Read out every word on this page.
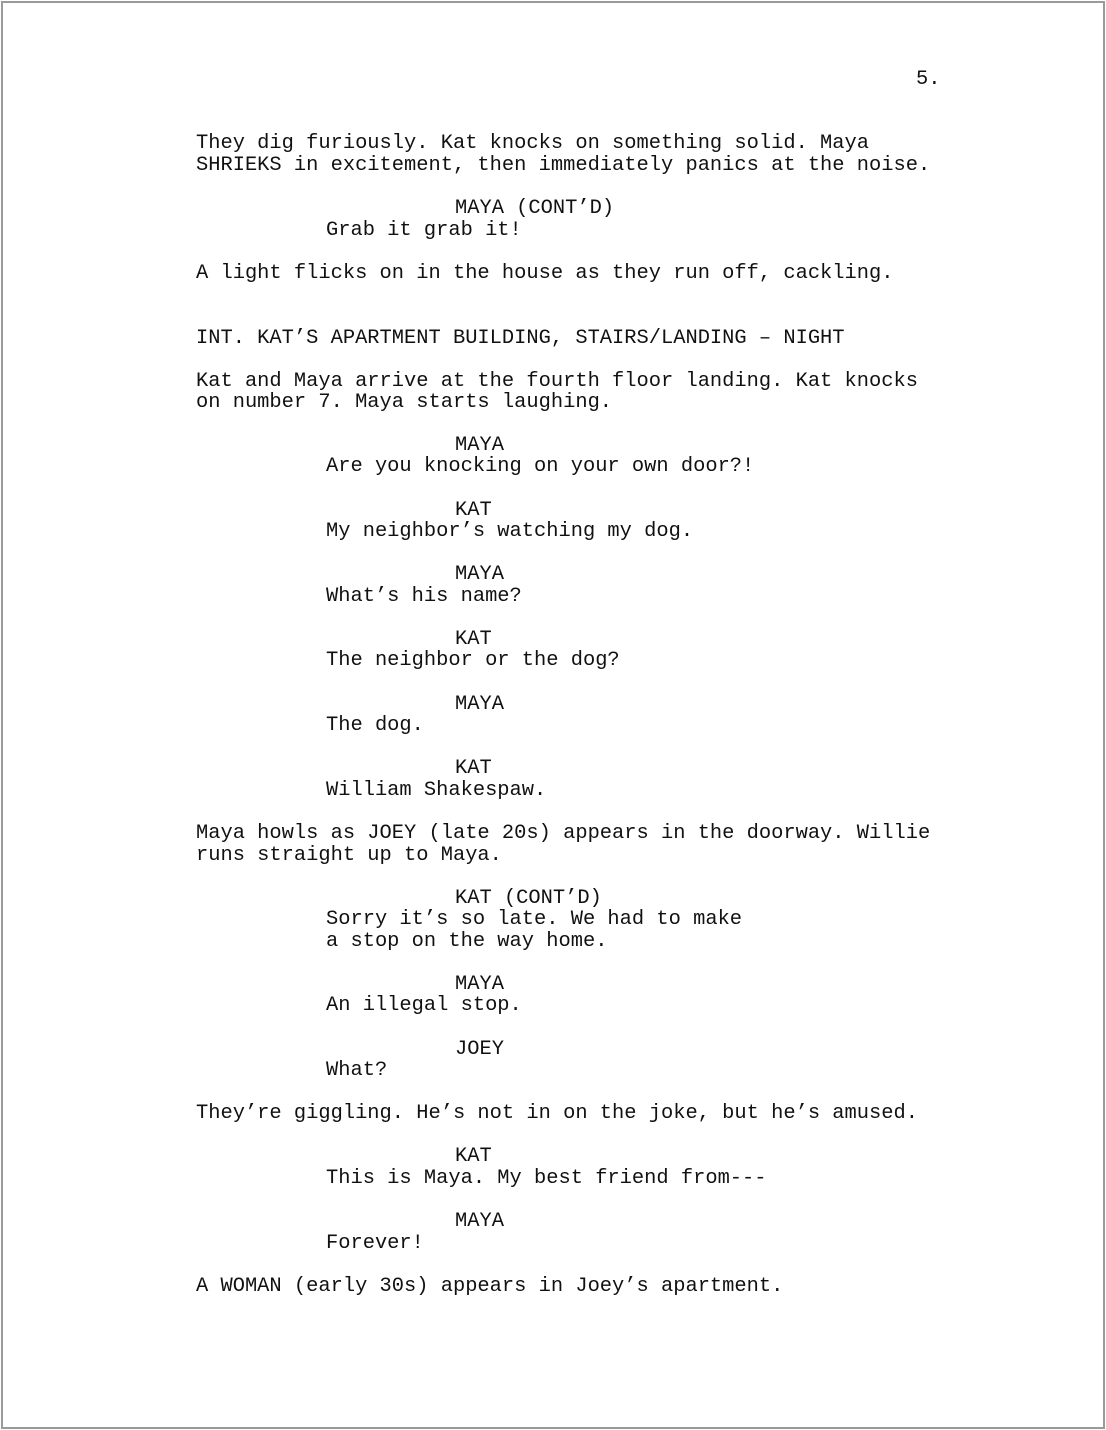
5.
They dig furiously. Kat knocks on something solid. Maya
SHRIEKS in excitement, then immediately panics at the noise.
MAYA (CONT’D)
Grab it grab it!
A light flicks on in the house as they run off, cackling.
INT. KAT’S APARTMENT BUILDING, STAIRS/LANDING – NIGHT
Kat and Maya arrive at the fourth floor landing. Kat knocks
on number 7. Maya starts laughing.
MAYA
Are you knocking on your own door?!
KAT
My neighbor’s watching my dog.
MAYA
What’s his name?
KAT
The neighbor or the dog?
MAYA
The dog.
KAT
William Shakespaw.
Maya howls as JOEY (late 20s) appears in the doorway. Willie
runs straight up to Maya.
KAT (CONT’D)
Sorry it’s so late. We had to make
a stop on the way home.
MAYA
An illegal stop.
JOEY
What?
They’re giggling. He’s not in on the joke, but he’s amused.
KAT
This is Maya. My best friend from---
MAYA
Forever!
A WOMAN (early 30s) appears in Joey’s apartment.
